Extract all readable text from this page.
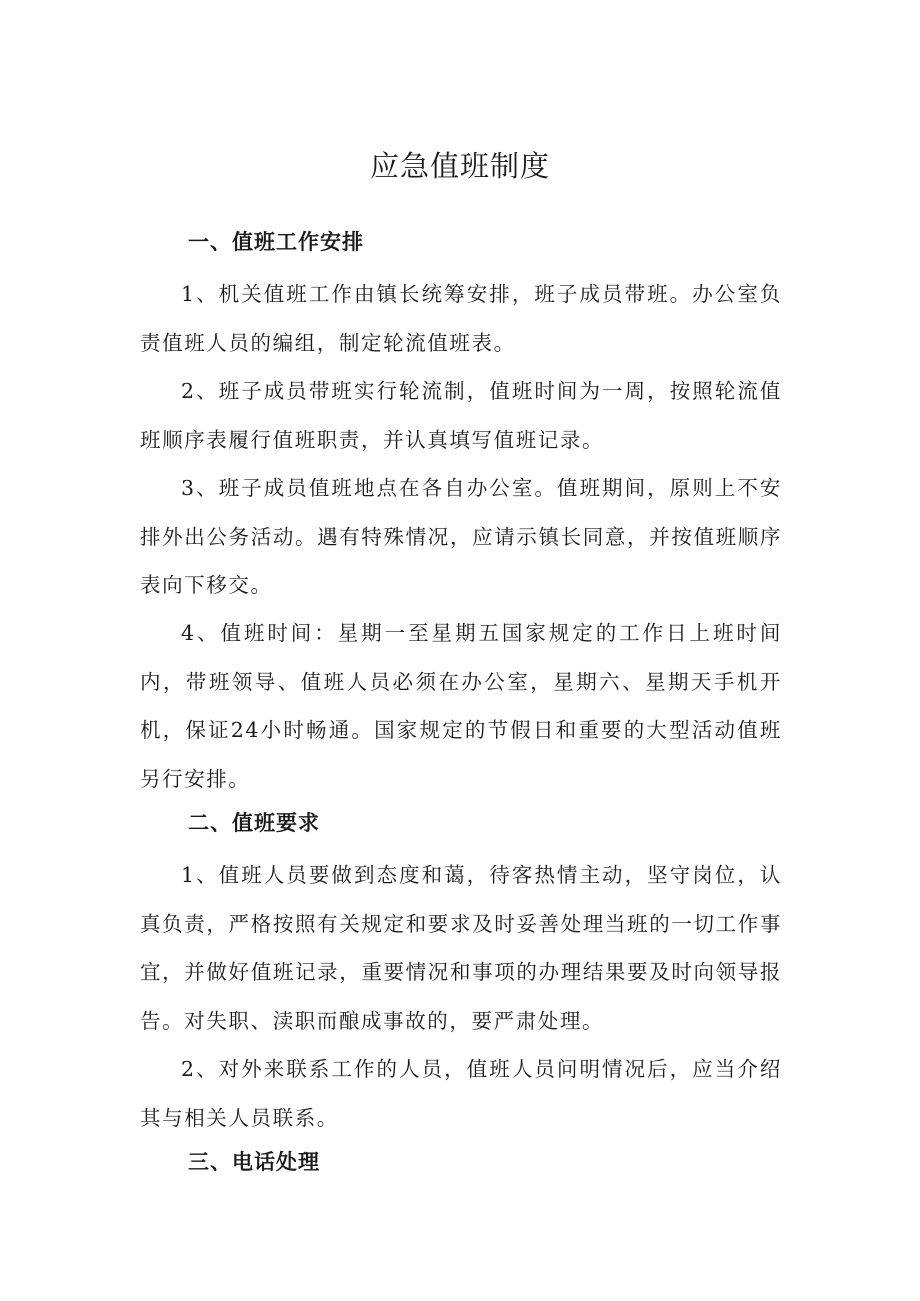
应急值班制度
一、值班工作安排

1、机关值班工作由镇长统筹安排，班子成员带班。办公室负责值班人员的编组，制定轮流值班表。

2、班子成员带班实行轮流制，值班时间为一周，按照轮流值班顺序表履行值班职责，并认真填写值班记录。

3、班子成员值班地点在各自办公室。值班期间，原则上不安排外出公务活动。遇有特殊情况，应请示镇长同意，并按值班顺序表向下移交。

4、值班时间：星期一至星期五国家规定的工作日上班时间内，带班领导、值班人员必须在办公室，星期六、星期天手机开机，保证24小时畅通。国家规定的节假日和重要的大型活动值班另行安排。

二、值班要求

1、值班人员要做到态度和蔼，待客热情主动，坚守岗位，认真负责，严格按照有关规定和要求及时妥善处理当班的一切工作事宜，并做好值班记录，重要情况和事项的办理结果要及时向领导报告。对失职、渎职而酿成事故的，要严肃处理。

2、对外来联系工作的人员，值班人员问明情况后，应当介绍其与相关人员联系。

三、电话处理
